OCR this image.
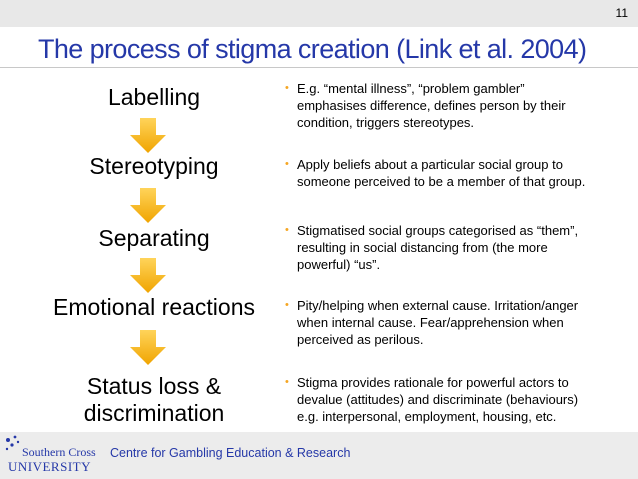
11
The process of stigma creation (Link et al. 2004)
Labelling
Stereotyping
Separating
Emotional reactions
Status loss &
discrimination
• E.g. “mental illness”, “problem gambler”
emphasises difference, defines person by their
condition, triggers stereotypes.
• Apply beliefs about a particular social group to
someone perceived to be a member of that group.
• Stigmatised social groups categorised as “them”,
resulting in social distancing from (the more
powerful) “us”.
• Pity/helping when external cause. Irritation/anger
when internal cause. Fear/apprehension when
perceived as perilous.
• Stigma provides rationale for powerful actors to
devalue (attitudes) and discriminate (behaviours)
e.g. interpersonal, employment, housing, etc.
Southern Cross
UNIVERSITY
Centre for Gambling Education & Research
